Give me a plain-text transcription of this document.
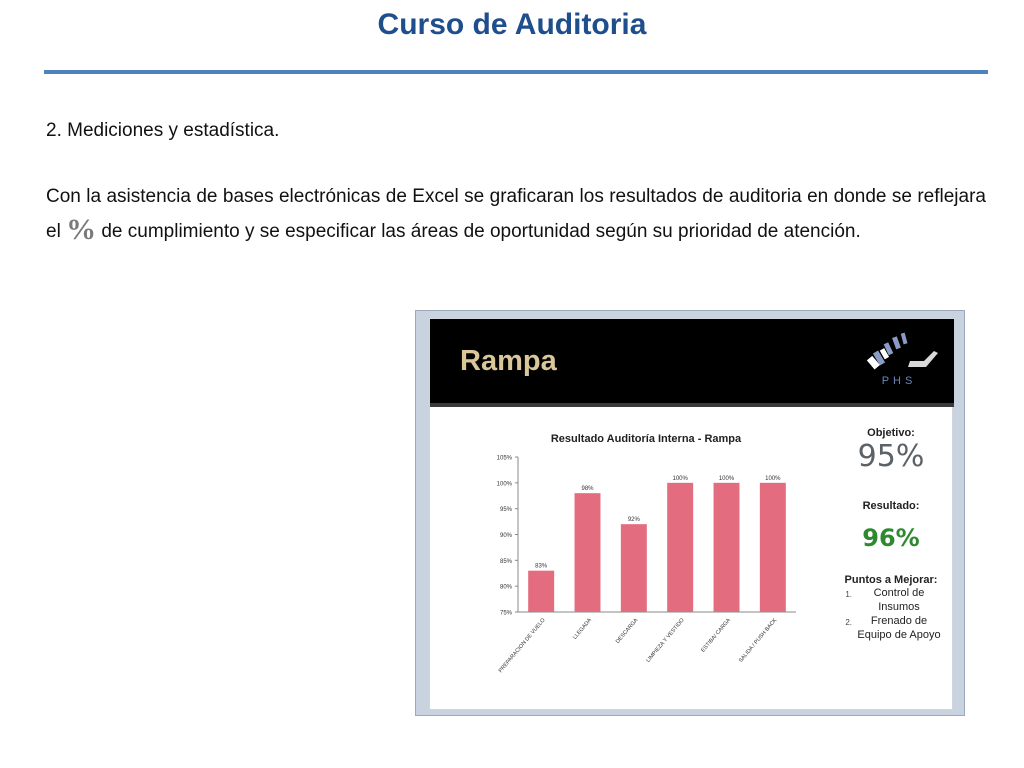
Curso de Auditoria
2. Mediciones y estadística.

Con la asistencia de bases electrónicas de Excel se graficaran los resultados de auditoria en donde se reflejara el % de cumplimiento y se especificar las áreas de oportunidad según su prioridad de atención.

Rampa
PHS
Resultado Auditoría Interna - Rampa
75%
80%
85%
90%
95%
100%
105%
83%
98%
92%
100%	100%	100%
PREPARACION DE VUELO	LLEGADA	DESCARGA LIMPIEZA Y VESTIDO	ESTIBA/ CARGA SALIDA / PUSH BACK
Objetivo:
95%
Resultado:
96%
Puntos a Mejorar:
1.	Control de Insumos
2.	Frenado de Equipo de Apoyo
